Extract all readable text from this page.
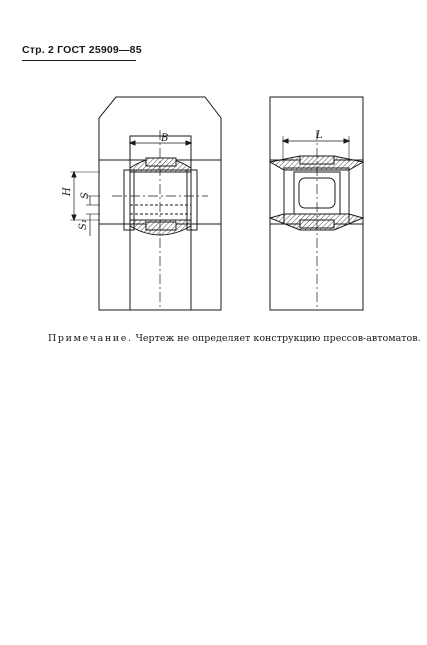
Стр. 2 ГОСТ 25909—85
B
H S
S₁
L
Примечание. Чертеж не определяет конструкцию прессов-автоматов.
